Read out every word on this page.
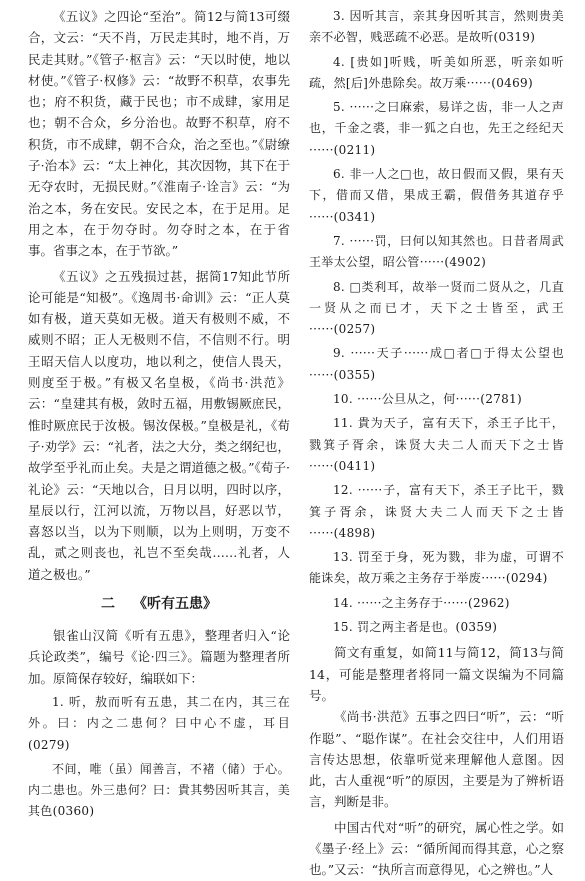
《五议》之四论“至治”。简12与简13可缀合，文云：“天不肖，万民走其时，地不肖，万民走其财。”《管子·枢言》云：“天以时使，地以材使。”《管子·权修》云：“故野不积草，农事先也；府不积货，藏于民也；市不成肆，家用足也；朝不合众，乡分治也。故野不积草，府不积货，市不成肆，朝不合众，治之至也。”《尉缭子·治本》云：“太上神化，其次因物，其下在于无夺农时，无损民财。”《淮南子·诠言》云：“为治之本，务在安民。安民之本，在于足用。足用之本，在于勿夺时。勿夺时之本，在于省事。省事之本，在于节欲。”

《五议》之五残损过甚，据简17知此节所论可能是“知极”。《逸周书·命训》云：“正人莫如有极，道天莫如无极。道天有极则不威，不威则不昭；正人无极则不信，不信则不行。明王昭天信人以度功，地以利之，使信人畏天，则度至于极。”有极又名皇极，《尚书·洪范》云：“皇建其有极，敛时五福，用敷锡厥庶民，惟时厥庶民于汝极。锡汝保极。”皇极是礼，《荀子·劝学》云：“礼者，法之大分，类之纲纪也，故学至乎礼而止矣。夫是之谓道德之极。”《荀子·礼论》云：“天地以合，日月以明，四时以序，星辰以行，江河以流，万物以昌，好恶以节，喜怒以当，以为下则顺，以为上则明，万变不乱，贰之则丧也，礼岂不至矣哉……礼者，人道之极也。”

二 《听有五患》

银雀山汉简《听有五患》，整理者归入“论兵论政类”，编号《论·四三》。篇题为整理者所加。原简保存较好，编联如下：

1. 听，敖而听有五患，其二在内，其三在外。曰：内之二患何？曰中心不虚，耳目(0279)

不间，唯（虽）闻善言，不褚（储）于心。内二患也。外三患何？曰：貴其勢因听其言，美其色(0360)

3. 因听其言，亲其身因听其言，然则贵美亲不必智，贱恶疏不必恶。是故听(0319)

4. [贵如]听贱，听美如所恶，听亲如听疏，然[后]外患除矣。故万乘······(0469)

5. ······之曰麻索，易详之齿，非一人之声也，千金之裘，非一狐之白也，先王之经纪天······(0211)

6. 非一人之□也，故日假而又假，果有天下，借而又借，果成王霸，假借务其道存乎······(0341)

7. ······罚，曰何以知其然也。日昔者周武王举太公望，昭公管······(4902)

8. □类利耳，故举一贤而二贤从之，几直一贤从之而已才，天下之士皆至，武王······(0257)

9. ······天子······成□者□于得太公望也······(0355)

10. ······公旦从之，何······(2781)

11. 貴为天子，富有天下，杀王子比干，戮箕子胥余，诛贤大夫二人而天下之士皆······(0411)

12. ······子，富有天下，杀王子比干，戮箕子胥余，诛贤大夫二人而天下之士皆······(4898)

13. 罚至于身，死为戮，非为虚，可谓不能诛矣，故万乘之主务存于举废······(0294)

14. ······之主务存于······(2962)

15. 罚之两主者是也。(0359)

简文有重复，如简11与简12，简13与简14，可能是整理者将同一篇文误编为不同篇号。

《尚书·洪范》五事之四曰“听”，云：“听作聪”、“聪作谋”。在社会交往中，人们用语言传达思想，依靠听觉来理解他人意图。因此，古人重视“听”的原因，主要是为了辨析语言，判断是非。

中国古代对“听”的研究，属心性之学。如《墨子·经上》云：“循所闻而得其意，心之察也。”又云：“执所言而意得见，心之辨也。”人
